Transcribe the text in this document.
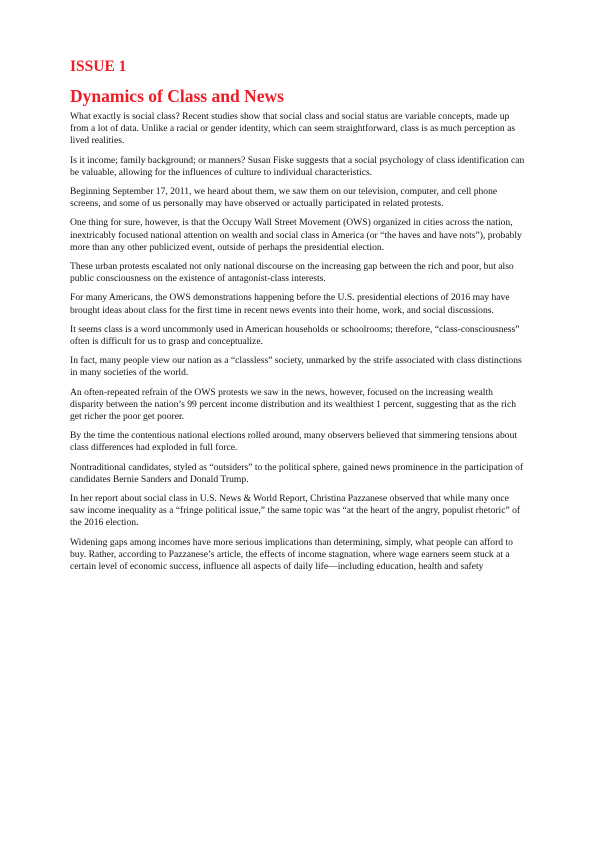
ISSUE 1
Dynamics of Class and News

What exactly is social class? Recent studies show that social class and social status are variable concepts, made up from a lot of data. Unlike a racial or gender identity, which can seem straightforward, class is as much perception as lived realities.

Is it income; family background; or manners? Susan Fiske suggests that a social psychology of class identification can be valuable, allowing for the influences of culture to individual characteristics.

Beginning September 17, 2011, we heard about them, we saw them on our television, computer, and cell phone screens, and some of us personally may have observed or actually participated in related protests.

One thing for sure, however, is that the Occupy Wall Street Movement (OWS) organized in cities across the nation, inextricably focused national attention on wealth and social class in America (or “the haves and have nots”), probably more than any other publicized event, outside of perhaps the presidential election.

These urban protests escalated not only national discourse on the increasing gap between the rich and poor, but also public consciousness on the existence of antagonist-class interests.

For many Americans, the OWS demonstrations happening before the U.S. presidential elections of 2016 may have brought ideas about class for the first time in recent news events into their home, work, and social discussions.

It seems class is a word uncommonly used in American households or schoolrooms; therefore, “class-consciousness” often is difficult for us to grasp and conceptualize.

In fact, many people view our nation as a “classless” society, unmarked by the strife associated with class distinctions in many societies of the world.

An often-repeated refrain of the OWS protests we saw in the news, however, focused on the increasing wealth disparity between the nation’s 99 percent income distribution and its wealthiest 1 percent, suggesting that as the rich get richer the poor get poorer.

By the time the contentious national elections rolled around, many observers believed that simmering tensions about class differences had exploded in full force.

Nontraditional candidates, styled as “outsiders” to the political sphere, gained news prominence in the participation of candidates Bernie Sanders and Donald Trump.

In her report about social class in U.S. News & World Report, Christina Pazzanese observed that while many once saw income inequality as a “fringe political issue,” the same topic was “at the heart of the angry, populist rhetoric” of the 2016 election.

Widening gaps among incomes have more serious implications than determining, simply, what people can afford to buy. Rather, according to Pazzanese’s article, the effects of income stagnation, where wage earners seem stuck at a certain level of economic success, influence all aspects of daily life—including education, health and safety
